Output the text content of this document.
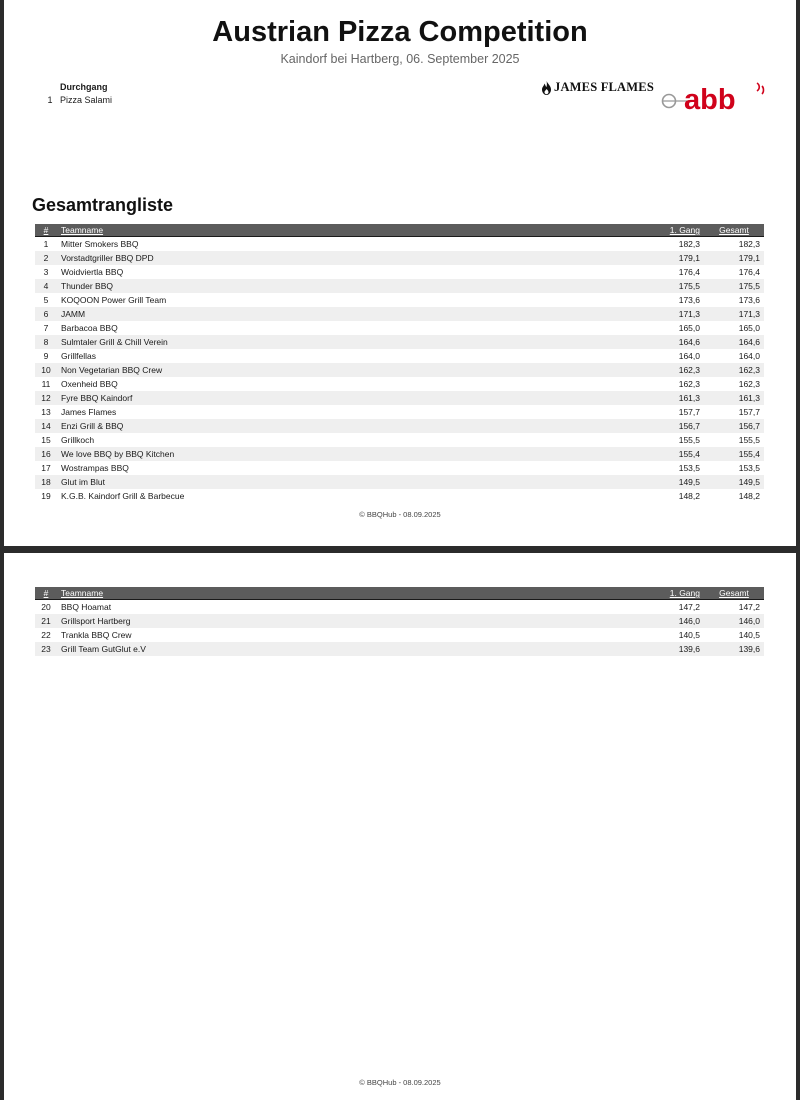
Austrian Pizza Competition
Kaindorf bei Hartberg, 06. September 2025
Durchgang
1 Pizza Salami
JAMES FLAMES abb
Gesamtrangliste
#	Teamname	1. Gang	Gesamt
1	Mitter Smokers BBQ	182,3	182,3
2	Vorstadtgriller BBQ DPD	179,1	179,1
3	Woidviertla BBQ	176,4	176,4
4	Thunder BBQ	175,5	175,5
5	KOQOON Power Grill Team	173,6	173,6
6	JAMM	171,3	171,3
7	Barbacoa BBQ	165,0	165,0
8	Sulmtaler Grill & Chill Verein	164,6	164,6
9	Grillfellas	164,0	164,0
10	Non Vegetarian BBQ Crew	162,3	162,3
11	Oxenheid BBQ	162,3	162,3
12	Fyre BBQ Kaindorf	161,3	161,3
13	James Flames	157,7	157,7
14	Enzi Grill & BBQ	156,7	156,7
15	Grillkoch	155,5	155,5
16	We love BBQ by BBQ Kitchen	155,4	155,4
17	Wostrampas BBQ	153,5	153,5
18	Glut im Blut	149,5	149,5
19	K.G.B. Kaindorf Grill & Barbecue	148,2	148,2
© BBQHub - 08.09.2025
#	Teamname	1. Gang	Gesamt
20	BBQ Hoamat	147,2	147,2
21	Grillsport Hartberg	146,0	146,0
22	Trankla BBQ Crew	140,5	140,5
23	Grill Team GutGlut e.V	139,6	139,6
© BBQHub - 08.09.2025
